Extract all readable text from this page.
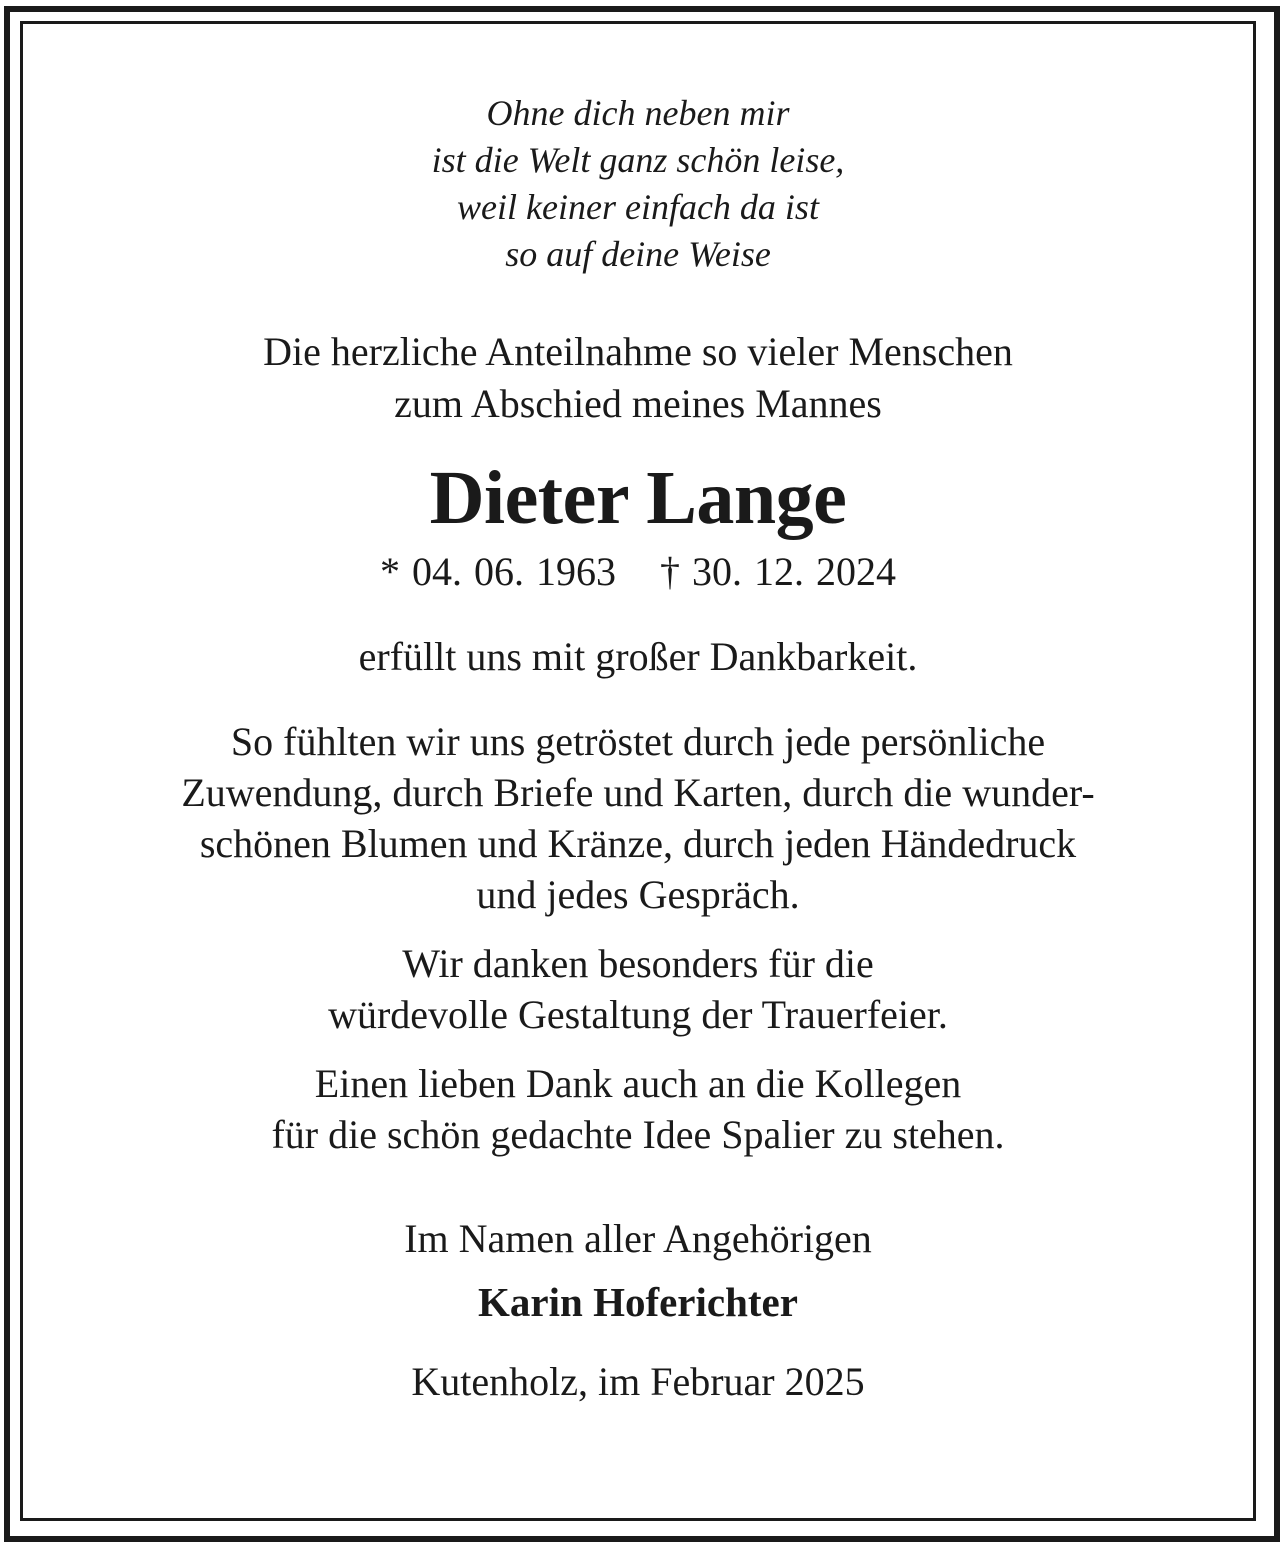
Ohne dich neben mir
ist die Welt ganz schön leise,
weil keiner einfach da ist
so auf deine Weise
Die herzliche Anteilnahme so vieler Menschen
zum Abschied meines Mannes
Dieter Lange
* 04. 06. 1963 † 30. 12. 2024
erfüllt uns mit großer Dankbarkeit.
So fühlten wir uns getröstet durch jede persönliche
Zuwendung, durch Briefe und Karten, durch die wunder-
schönen Blumen und Kränze, durch jeden Händedruck
und jedes Gespräch.
Wir danken besonders für die
würdevolle Gestaltung der Trauerfeier.
Einen lieben Dank auch an die Kollegen
für die schön gedachte Idee Spalier zu stehen.
Im Namen aller Angehörigen
Karin Hoferichter
Kutenholz, im Februar 2025
